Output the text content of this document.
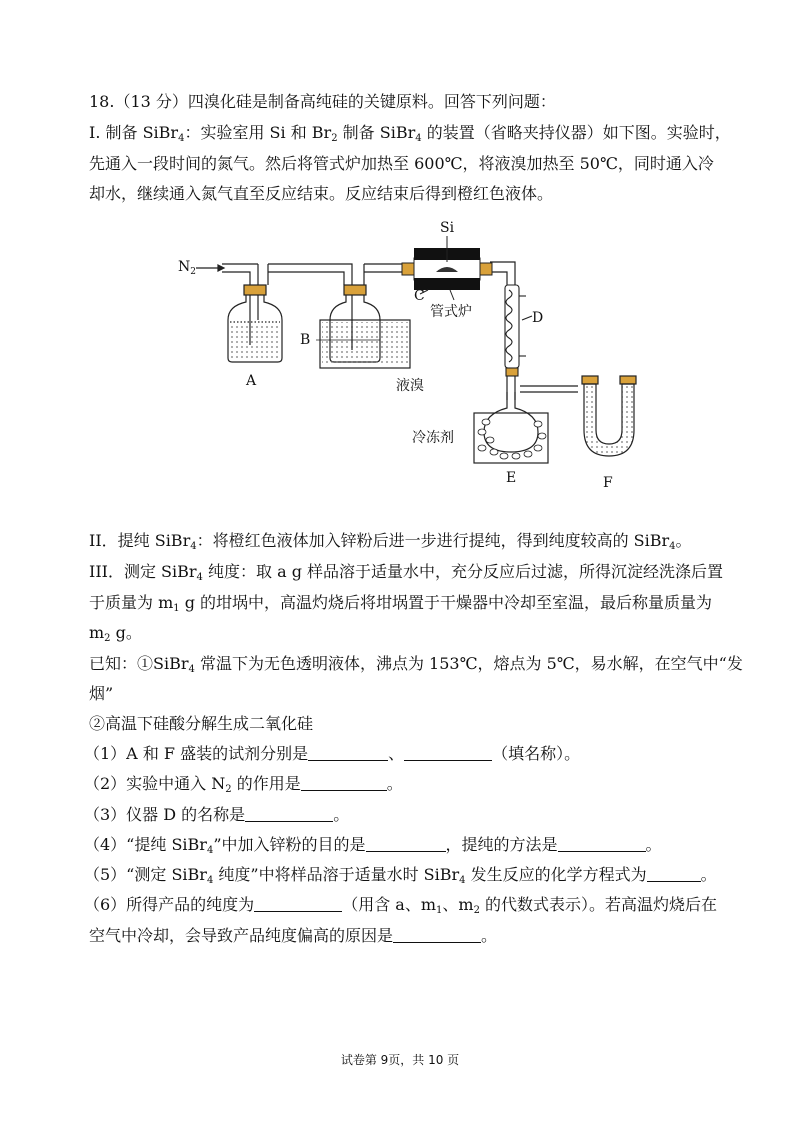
18.（13 分）四溴化硅是制备高纯硅的关键原料。回答下列问题：
I. 制备 SiBr$_4$：实验室用 Si 和 $Br_2$ 制备 SiBr$_4$ 的装置（省略夹持仪器）如下图。实验时，
先通入一段时间的氮气。然后将管式炉加热至 600℃，将液溴加热至 50℃，同时通入冷
却水，继续通入氮气直至反应结束。反应结束后得到橙红色液体。
$N_2$
Si
C
管式炉	D
B
A	液溴
冷冻剂
E	F
II．提纯 SiBr$_4$：将橙红色液体加入锌粉后进一步进行提纯，得到纯度较高的 SiBr$_4$。
III．测定 SiBr$_4$ 纯度：取 a g 样品溶于适量水中，充分反应后过滤，所得沉淀经洗涤后置
于质量为 $m_1$ g 的坩埚中，高温灼烧后将坩埚置于干燥器中冷却至室温，最后称量质量为
$m_2$ g。
已知：①SiBr$_4$ 常温下为无色透明液体，沸点为 153℃，熔点为 5℃，易水解，在空气中“发
烟”
②高温下硅酸分解生成二氧化硅
（1）A 和 F 盛装的试剂分别是	、	（填名称）。
（2）实验中通入 $N_2$ 的作用是	。
（3）仪器 D 的名称是	。
（4）“提纯 SiBr$_4$”中加入锌粉的目的是	，提纯的方法是	。
（5）“测定 SiBr$_4$ 纯度”中将样品溶于适量水时 SiBr$_4$ 发生反应的化学方程式为	。
（6）所得产品的纯度为	（用含 a、$m_1$、$m_2$ 的代数式表示）。若高温灼烧后在
空气中冷却，会导致产品纯度偏高的原因是	。
试卷第 9页，共 10 页
